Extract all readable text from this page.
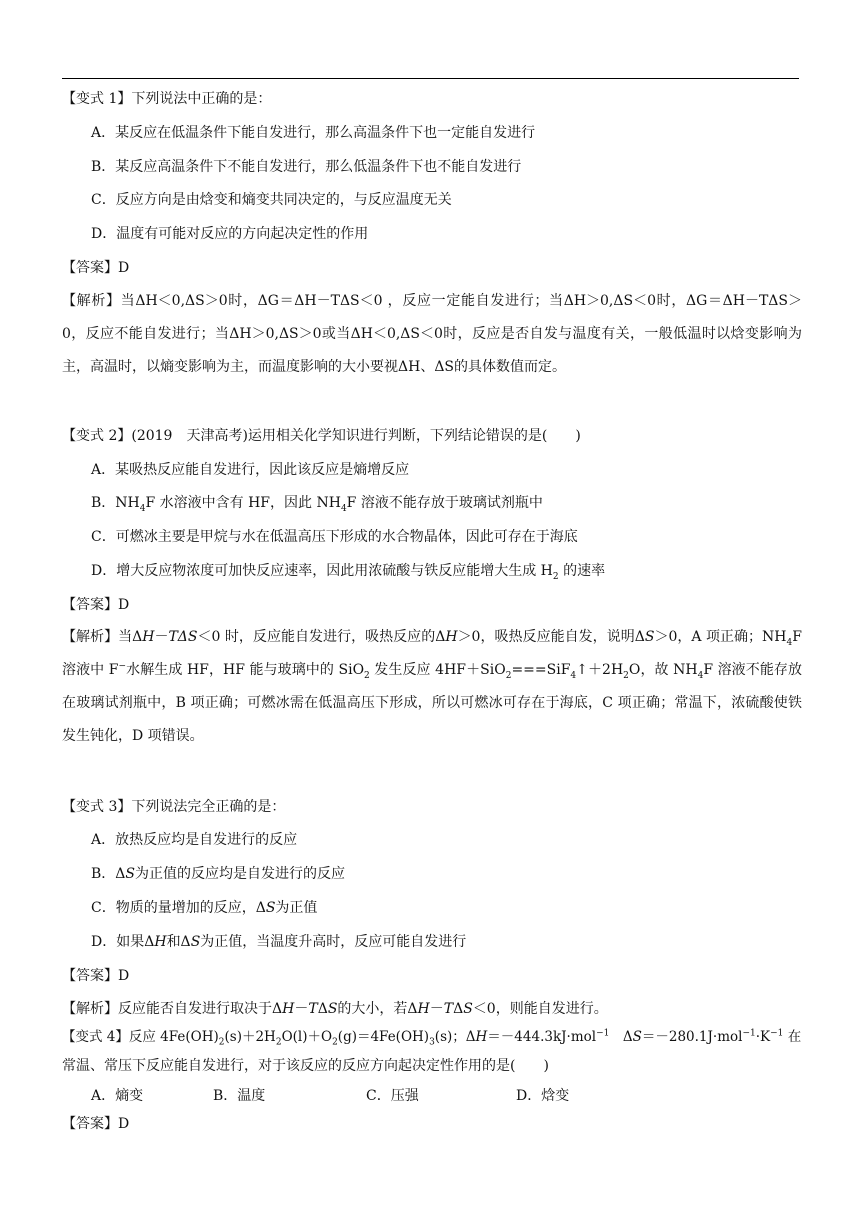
【变式 1】下列说法中正确的是：
A．某反应在低温条件下能自发进行，那么高温条件下也一定能自发进行
B．某反应高温条件下不能自发进行，那么低温条件下也不能自发进行
C．反应方向是由焓变和熵变共同决定的，与反应温度无关
D．温度有可能对反应的方向起决定性的作用
【答案】D
【解析】当ΔH＜0,ΔS＞0时，ΔG＝ΔH－TΔS＜0 ，反应一定能自发进行；当ΔH＞0,ΔS＜0时，ΔG＝ΔH－TΔS＞0，反应不能自发进行；当ΔH＞0,ΔS＞0或当ΔH＜0,ΔS＜0时，反应是否自发与温度有关，一般低温时以焓变影响为主，高温时，以熵变影响为主，而温度影响的大小要视ΔH、ΔS的具体数值而定。
【变式 2】(2019　天津高考)运用相关化学知识进行判断，下列结论错误的是(　　)
A．某吸热反应能自发进行，因此该反应是熵增反应
B．$NH_4F$ 水溶液中含有 HF，因此 $NH_4F$ 溶液不能存放于玻璃试剂瓶中
C．可燃冰主要是甲烷与水在低温高压下形成的水合物晶体，因此可存在于海底
D．增大反应物浓度可加快反应速率，因此用浓硫酸与铁反应能增大生成 $H_2$ 的速率
【答案】D
【解析】当ΔH－TΔS＜0 时，反应能自发进行，吸热反应的ΔH＞0，吸热反应能自发，说明ΔS＞0，A 项正确；$NH_4F$ 溶液中 F−水解生成 HF，HF 能与玻璃中的 SiO$_2$ 发生反应 $4HF+SiO_2===SiF_4↑+2H_2O$，故 $NH_4F$ 溶液不能存放在玻璃试剂瓶中，B 项正确；可燃冰需在低温高压下形成，所以可燃冰可存在于海底，C 项正确；常温下，浓硫酸使铁发生钝化，D 项错误。
【变式 3】下列说法完全正确的是：
A．放热反应均是自发进行的反应
B．ΔS为正值的反应均是自发进行的反应
C．物质的量增加的反应，ΔS为正值
D．如果ΔH和ΔS为正值，当温度升高时，反应可能自发进行
【答案】D
【解析】反应能否自发进行取决于ΔH－TΔS的大小，若ΔH－TΔS＜0，则能自发进行。
【变式 4】反应 $4Fe(OH)_2(s)+2H_2O(l)+O_2(g)=4Fe(OH)_3(s)$；ΔH＝－444.3kJ·mol$^{-1}$　$\Delta S=-280.1J\cdot mol^{-1}\cdot K^{-1}$ 在
常温、常压下反应能自发进行，对于该反应的反应方向起决定性作用的是(　　)
A．熵变	B．温度	C．压强	D．焓变
【答案】D
